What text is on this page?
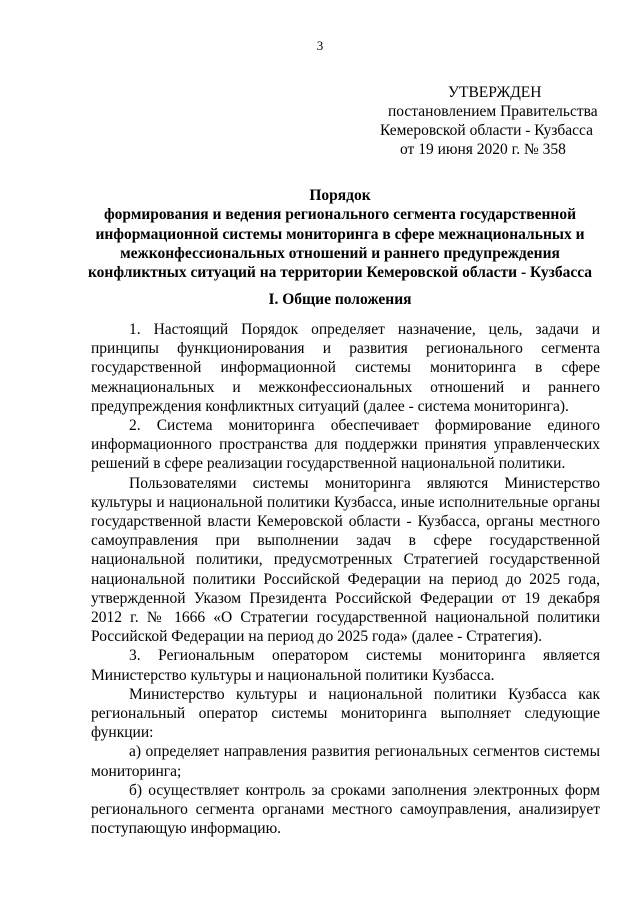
3
УТВЕРЖДЕН
постановлением Правительства
Кемеровской области - Кузбасса
от 19 июня 2020 г. № 358
Порядок
формирования и ведения регионального сегмента государственной
информационной системы мониторинга в сфере межнациональных и
межконфессиональных отношений и раннего предупреждения
конфликтных ситуаций на территории Кемеровской области - Кузбасса
I. Общие положения

1. Настоящий Порядок определяет назначение, цель, задачи и принципы функционирования и развития регионального сегмента государственной информационной системы мониторинга в сфере межнациональных и межконфессиональных отношений и раннего предупреждения конфликтных ситуаций (далее - система мониторинга).

2. Система мониторинга обеспечивает формирование единого информационного пространства для поддержки принятия управленческих решений в сфере реализации государственной национальной политики.

Пользователями системы мониторинга являются Министерство культуры и национальной политики Кузбасса, иные исполнительные органы государственной власти Кемеровской области - Кузбасса, органы местного самоуправления при выполнении задач в сфере государственной национальной политики, предусмотренных Стратегией государственной национальной политики Российской Федерации на период до 2025 года, утвержденной Указом Президента Российской Федерации от 19 декабря 2012 г. № 1666 «О Стратегии государственной национальной политики Российской Федерации на период до 2025 года» (далее - Стратегия).

3. Региональным оператором системы мониторинга является Министерство культуры и национальной политики Кузбасса.

Министерство культуры и национальной политики Кузбасса как региональный оператор системы мониторинга выполняет следующие функции:

а) определяет направления развития региональных сегментов системы мониторинга;

б) осуществляет контроль за сроками заполнения электронных форм регионального сегмента органами местного самоуправления, анализирует поступающую информацию.
